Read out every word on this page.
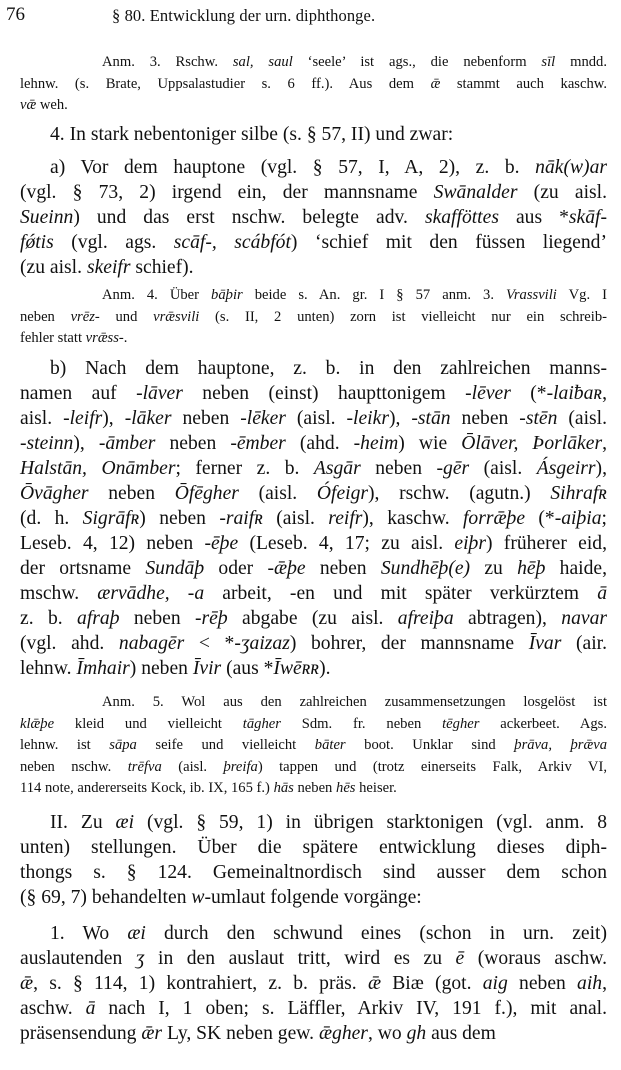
76	§ 80. Entwicklung der urn. diphthonge.
Anm. 3. Rschw. sal, saul ‘seele’ ist ags., die nebenform sīl mndd.
lehnw. (s. Brate, Uppsalastudier s. 6 ff.). Aus dem ǣ stammt auch kaschw.
vǣ weh.
4. In stark nebentoniger silbe (s. § 57, II) und zwar:
a) Vor dem hauptone (vgl. § 57, I, A, 2), z. b. nāk(w)ar
(vgl. § 73, 2) irgend ein, der mannsname Swānalder (zu aisl.
Sueinn) und das erst nschw. belegte adv. skafföttes aus *skāf-
fǿtis (vgl. ags. scāf-, scábfót) ‘schief mit den füssen liegend’
(zu aisl. skeifr schief).
Anm. 4. Über bāþir beide s. An. gr. I § 57 anm. 3. Vrassvili Vg. I
neben vrēz- und vrǣsvili (s. II, 2 unten) zorn ist vielleicht nur ein schreib-
fehler statt vrǣss-.
b) Nach dem hauptone, z. b. in den zahlreichen manns-
namen auf -lāver neben (einst) haupttonigem -lēver (*-laiƀaʀ,
aisl. -leifr), -lāker neben -lēker (aisl. -leikr), -stān neben -stēn (aisl.
-steinn), -āmber neben -ēmber (ahd. -heim) wie Ōlāver, Þorlāker,
Halstān, Onāmber; ferner z. b. Asgār neben -gēr (aisl. Ásgeirr),
Ōvāgher neben Ōfēgher (aisl. Ófeigr), rschw. (agutn.) Sihrafʀ
(d. h. Sigrāfʀ) neben -raifʀ (aisl. reifr), kaschw. forrǣþe (*-aiþia;
Leseb. 4, 12) neben -ēþe (Leseb. 4, 17; zu aisl. eiþr) früherer eid,
der ortsname Sundāþ oder -ǣþe neben Sundhēþ(e) zu hēþ haide,
mschw. ærvādhe, -a arbeit, -en und mit später verkürztem ā
z. b. afraþ neben -rēþ abgabe (zu aisl. afreiþa abtragen), navar
(vgl. ahd. nabagēr < *-ʒaizaz) bohrer, der mannsname Īvar (air.
lehnw. Īmhair) neben Īvir (aus *Īwēʀʀ).
Anm. 5. Wol aus den zahlreichen zusammensetzungen losgelöst ist
klǣþe kleid und vielleicht tāgher Sdm. fr. neben tēgher ackerbeet. Ags.
lehnw. ist sāpa seife und vielleicht bāter boot. Unklar sind þrāva, þrǣva
neben nschw. trēfva (aisl. þreifa) tappen und (trotz einerseits Falk, Arkiv VI,
114 note, andererseits Kock, ib. IX, 165 f.) hās neben hēs heiser.
II. Zu æi (vgl. § 59, 1) in übrigen starktonigen (vgl. anm. 8
unten) stellungen. Über die spätere entwicklung dieses diph-
thongs s. § 124. Gemeinaltnordisch sind ausser dem schon
(§ 69, 7) behandelten w-umlaut folgende vorgänge:
1. Wo æi durch den schwund eines (schon in urn. zeit)
auslautenden ʒ in den auslaut tritt, wird es zu ē (woraus aschw.
ǣ, s. § 114, 1) kontrahiert, z. b. präs. ǣ Biæ (got. aig neben aih,
aschw. ā nach I, 1 oben; s. Läffler, Arkiv IV, 191 f.), mit anal.
präsensendung ǣr Ly, SK neben gew. ǣgher, wo gh aus dem
